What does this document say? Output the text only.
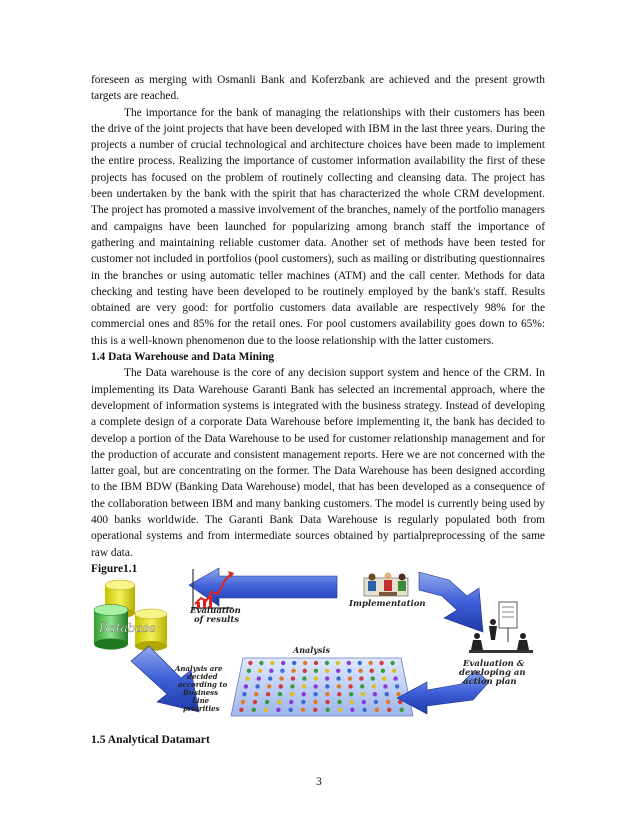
foreseen as merging with Osmanli Bank and Koferzbank are achieved and the present growth targets are reached.

The importance for the bank of managing the relationships with their customers has been the drive of the joint projects that have been developed with IBM in the last three years. During the projects a number of crucial technological and architecture choices have been made to implement the entire process. Realizing the importance of customer information availability the first of these projects has focused on the problem of routinely collecting and cleansing data. The project has been undertaken by the bank with the spirit that has characterized the whole CRM development. The project has promoted a massive involvement of the branches, namely of the portfolio managers and campaigns have been launched for popularizing among branch staff the importance of gathering and maintaining reliable customer data. Another set of methods have been tested for customer not included in portfolios (pool customers), such as mailing or distributing questionnaires in the branches or using automatic teller machines (ATM) and the call center. Methods for data checking and testing have been developed to be routinely employed by the bank's staff. Results obtained are very good: for portfolio customers data available are respectively 98% for the commercial ones and 85% for the retail ones. For pool customers availability goes down to 65%: this is a well-known phenomenon due to the loose relationship with the latter customers.

1.4 Data Warehouse and Data Mining

The Data warehouse is the core of any decision support system and hence of the CRM. In implementing its Data Warehouse Garanti Bank has selected an incremental approach, where the development of information systems is integrated with the business strategy. Instead of developing a complete design of a corporate Data Warehouse before implementing it, the bank has decided to develop a portion of the Data Warehouse to be used for customer relationship management and for the production of accurate and consistent management reports. Here we are not concerned with the latter goal, but are concentrating on the former. The Data Warehouse has been designed according to the IBM BDW (Banking Data Warehouse) model, that has been developed as a consequence of the collaboration between IBM and many banking customers. The model is currently being used by 400 banks worldwide. The Garanti Bank Data Warehouse is regularly populated both from operational systems and from intermediate sources obtained by partialpreprocessing of the same raw data.

Figure1.1

Evaluation
of results
Implementation
Database
Analysis are
decided
according to
Business
Line
priorities
Analysis
Evaluation &
developing an
action plan
1.5 Analytical Datamart
3
